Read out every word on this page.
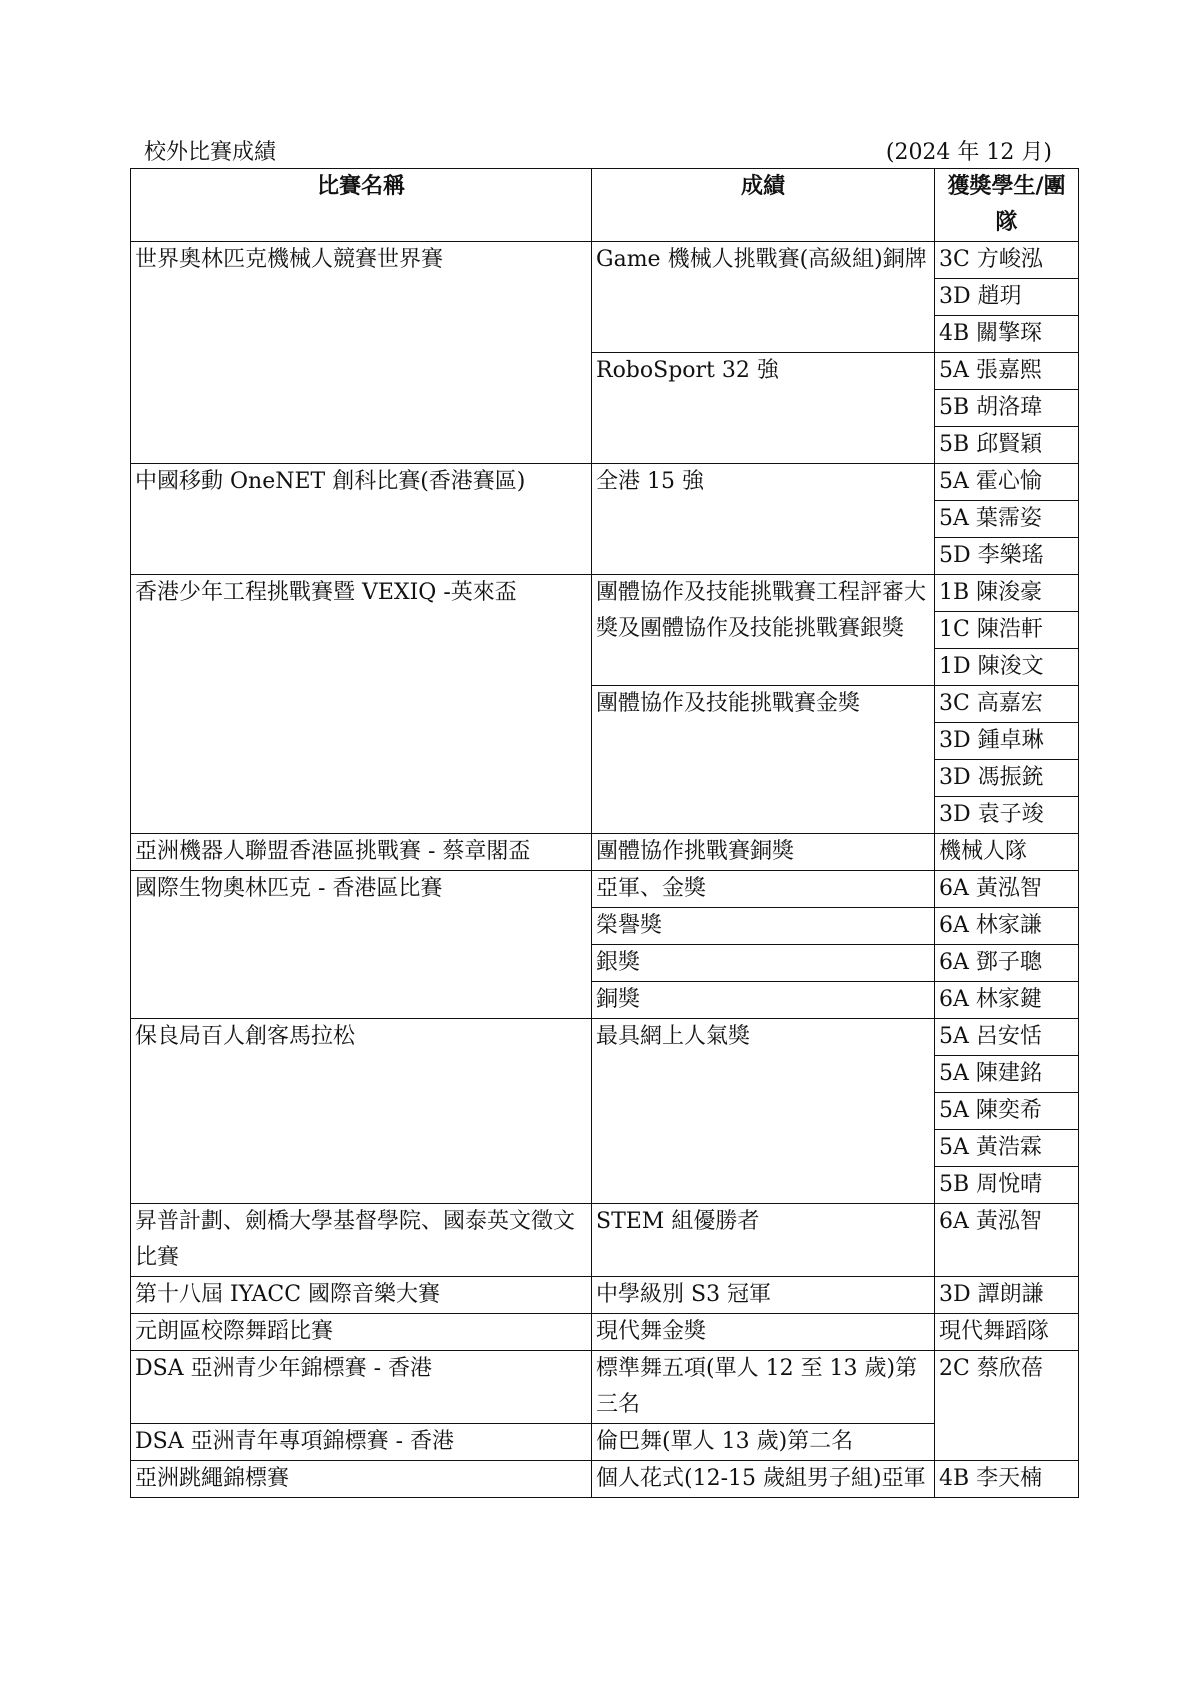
校外比賽成績	(2024 年 12 月)
比賽名稱	成績	獲獎學生/團隊
世界奧林匹克機械人競賽世界賽	Game 機械人挑戰賽(高級組)銅牌	3C 方峻泓
		3D 趙玥
		4B 關擎琛
	RoboSport 32 強	5A 張嘉熙
		5B 胡洛瑋
		5B 邱賢穎
中國移動 OneNET 創科比賽(香港賽區)	全港 15 強	5A 霍心愉
		5A 葉霈姿
		5D 李樂瑤
香港少年工程挑戰賽暨 VEXIQ -英來盃	團體協作及技能挑戰賽工程評審大獎及團體協作及技能挑戰賽銀獎	1B 陳浚豪
		1C 陳浩軒
		1D 陳浚文
	團體協作及技能挑戰賽金獎	3C 高嘉宏
		3D 鍾卓琳
		3D 馮振銃
		3D 袁子竣
亞洲機器人聯盟香港區挑戰賽 - 蔡章閣盃	團體協作挑戰賽銅獎	機械人隊
國際生物奧林匹克 - 香港區比賽	亞軍、金獎	6A 黃泓智
	榮譽獎	6A 林家謙
	銀獎	6A 鄧子聰
	銅獎	6A 林家鍵
保良局百人創客馬拉松	最具網上人氣獎	5A 呂安恬
		5A 陳建銘
		5A 陳奕希
		5A 黃浩霖
		5B 周悅晴
昇普計劃、劍橋大學基督學院、國泰英文徵文比賽	STEM 組優勝者	6A 黃泓智
第十八屆 IYACC 國際音樂大賽	中學級別 S3 冠軍	3D 譚朗謙
元朗區校際舞蹈比賽	現代舞金獎	現代舞蹈隊
DSA 亞洲青少年錦標賽 - 香港	標準舞五項(單人 12 至 13 歲)第三名	2C 蔡欣蓓
DSA 亞洲青年專項錦標賽 - 香港	倫巴舞(單人 13 歲)第二名	
亞洲跳繩錦標賽	個人花式(12-15 歲組男子組)亞軍	4B 李天楠
